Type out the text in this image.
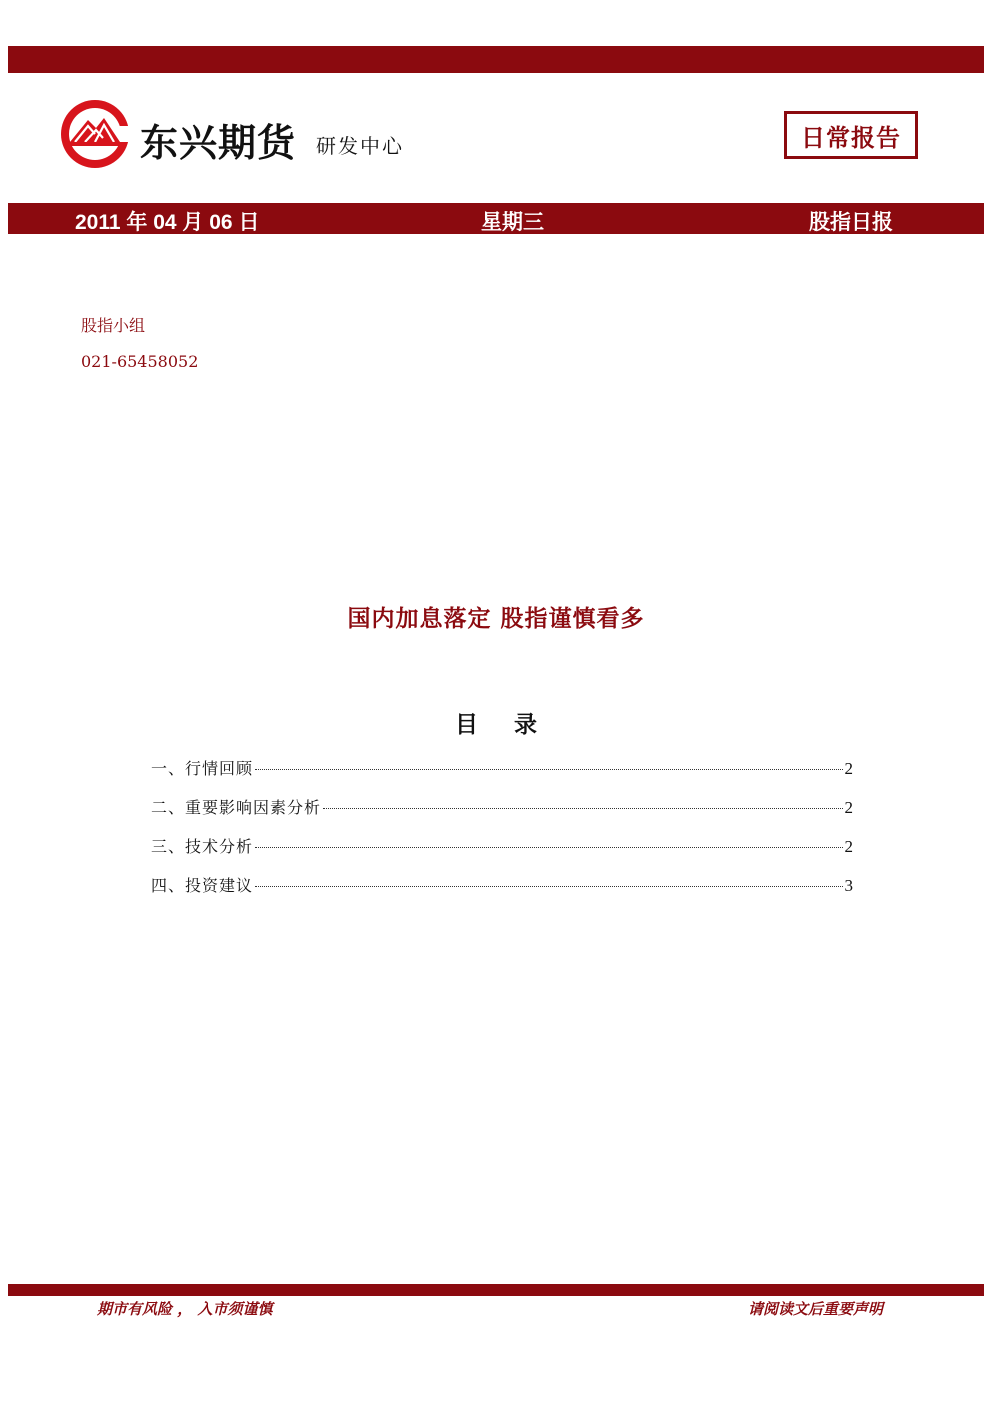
东兴期货 研发中心	日常报告
2011 年 04 月 06 日	星期三	股指日报
股指小组
021-65458052
国内加息落定 股指谨慎看多
目 录
一、行情回顾	2
二、重要影响因素分析	2
三、技术分析	2
四、投资建议	3
期市有风险 ， 入市须谨慎	请阅读文后重要声明
